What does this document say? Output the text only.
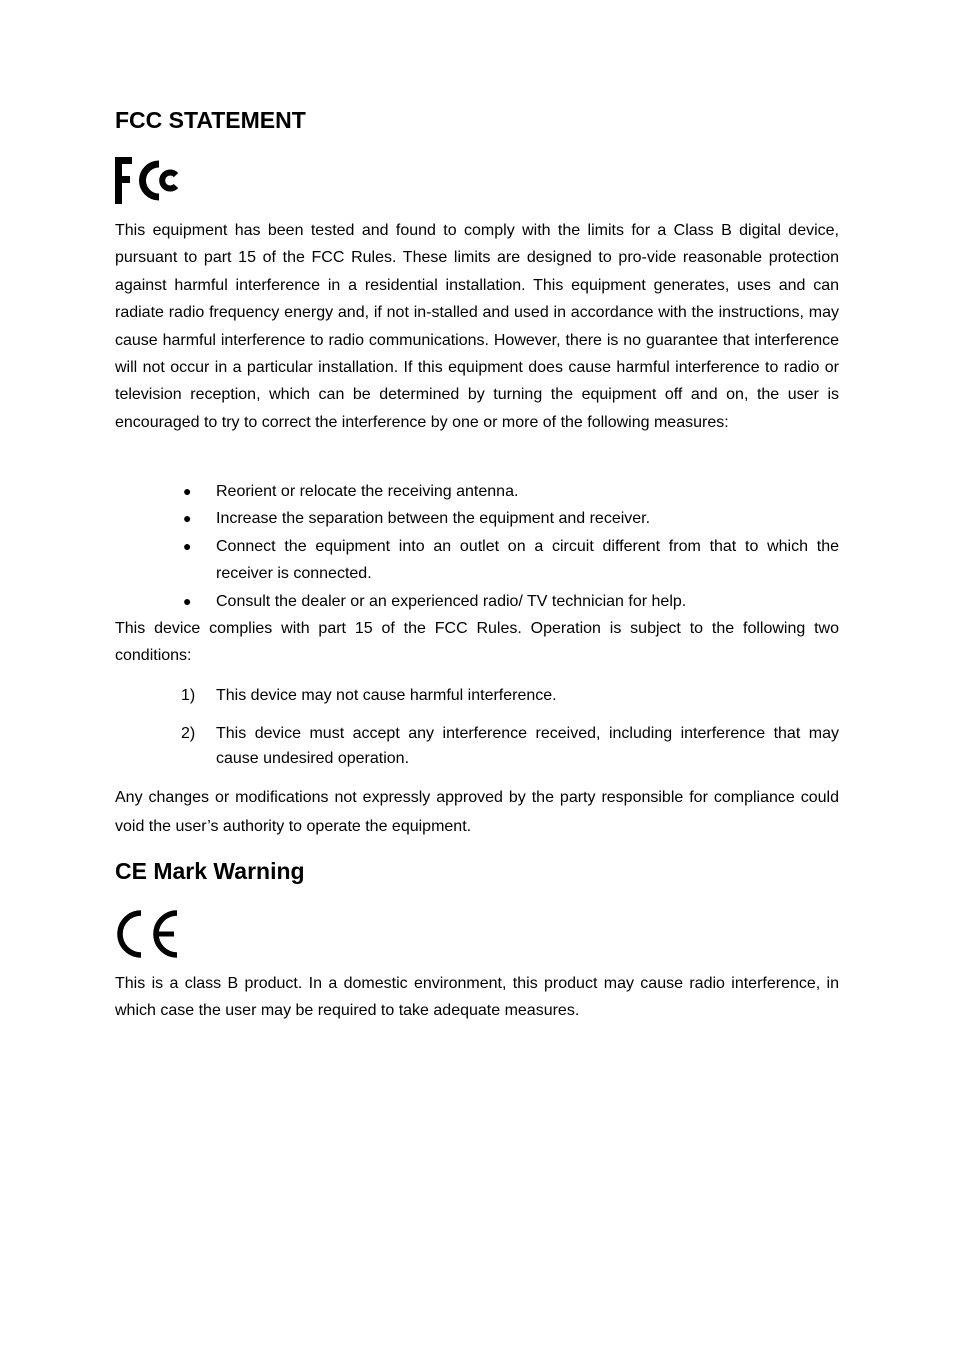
FCC STATEMENT

This equipment has been tested and found to comply with the limits for a Class B digital device, pursuant to part 15 of the FCC Rules. These limits are designed to pro-vide reasonable protection against harmful interference in a residential installation. This equipment generates, uses and can radiate radio frequency energy and, if not in-stalled and used in accordance with the instructions, may cause harmful interference to radio communications. However, there is no guarantee that interference will not occur in a particular installation. If this equipment does cause harmful interference to radio or television reception, which can be determined by turning the equipment off and on, the user is encouraged to try to correct the interference by one or more of the following measures:

● Reorient or relocate the receiving antenna.
● Increase the separation between the equipment and receiver.
● Connect the equipment into an outlet on a circuit different from that to which the receiver is connected.
● Consult the dealer or an experienced radio/ TV technician for help.

This device complies with part 15 of the FCC Rules. Operation is subject to the following two conditions:

1) This device may not cause harmful interference.
2) This device must accept any interference received, including interference that may cause undesired operation.

Any changes or modifications not expressly approved by the party responsible for compliance could void the user’s authority to operate the equipment.

CE Mark Warning

This is a class B product. In a domestic environment, this product may cause radio interference, in which case the user may be required to take adequate measures.
